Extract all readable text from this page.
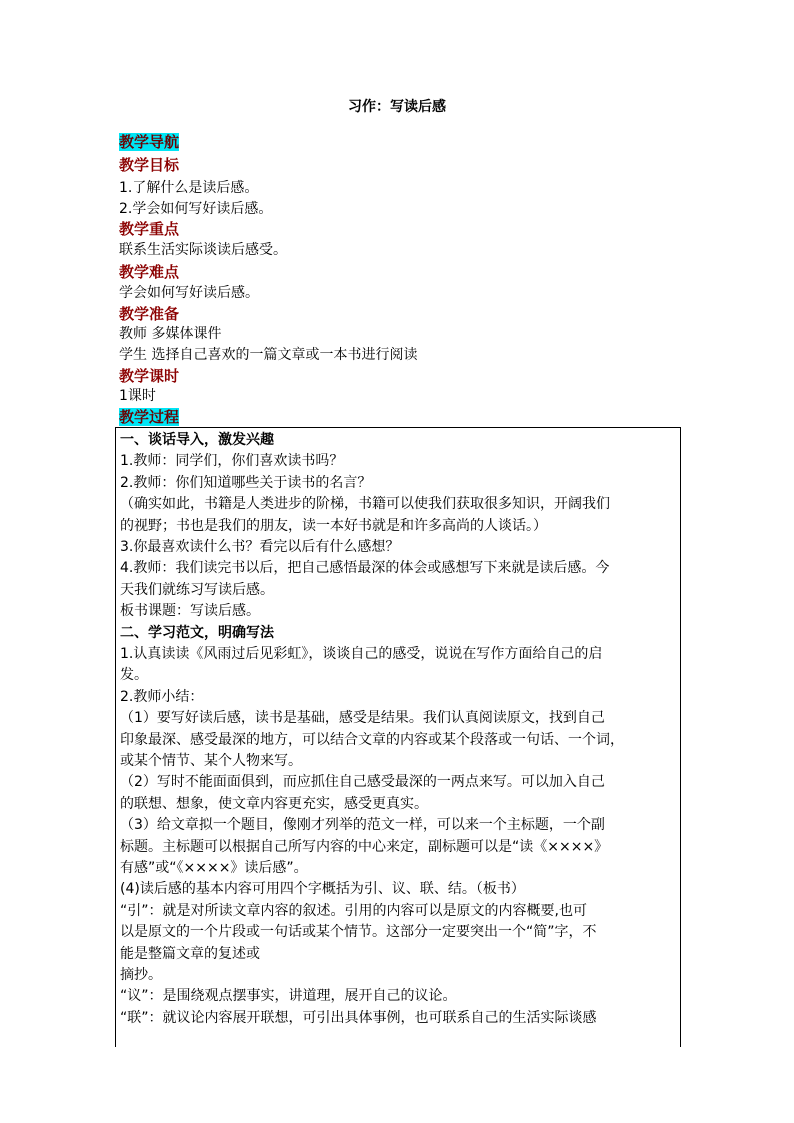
习作：写读后感
教学导航
教学目标
1.了解什么是读后感。
2.学会如何写好读后感。
教学重点
联系生活实际谈读后感受。
教学难点
学会如何写好读后感。
教学准备
教师 多媒体课件
学生 选择自己喜欢的一篇文章或一本书进行阅读
教学课时
1课时
教学过程
一、谈话导入，激发兴趣
1.教师：同学们，你们喜欢读书吗？
2.教师：你们知道哪些关于读书的名言？
（确实如此，书籍是人类进步的阶梯，书籍可以使我们获取很多知识，开阔我们
的视野；书也是我们的朋友，读一本好书就是和许多高尚的人谈话。）
3.你最喜欢读什么书？看完以后有什么感想？
4.教师：我们读完书以后，把自己感悟最深的体会或感想写下来就是读后感。今
天我们就练习写读后感。
板书课题：写读后感。
二、学习范文，明确写法
1.认真读读《风雨过后见彩虹》，谈谈自己的感受，说说在写作方面给自己的启
发。
2.教师小结：
（1）要写好读后感，读书是基础，感受是结果。我们认真阅读原文，找到自己
印象最深、感受最深的地方，可以结合文章的内容或某个段落或一句话、一个词，
或某个情节、某个人物来写。
（2）写时不能面面俱到，而应抓住自己感受最深的一两点来写。可以加入自己
的联想、想象，使文章内容更充实，感受更真实。
（3）给文章拟一个题目，像刚才列举的范文一样，可以来一个主标题，一个副
标题。主标题可以根据自己所写内容的中心来定，副标题可以是“读《××××》
有感”或“《××××》读后感”。
(4)读后感的基本内容可用四个字概括为引、议、联、结。（板书）
“引”：就是对所读文章内容的叙述。引用的内容可以是原文的内容概要,也可
以是原文的一个片段或一句话或某个情节。这部分一定要突出一个“简”字，不
能是整篇文章的复述或
摘抄。
“议”：是围绕观点摆事实，讲道理，展开自己的议论。
“联”：就议论内容展开联想，可引出具体事例，也可联系自己的生活实际谈感
